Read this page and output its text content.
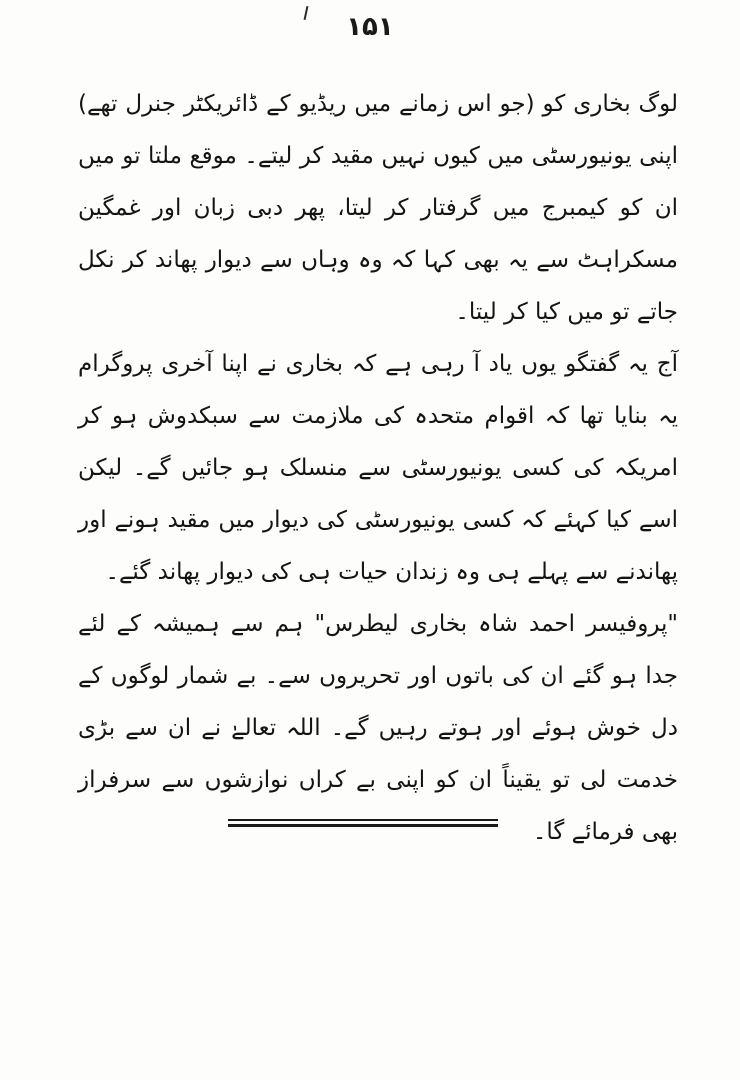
۱۵۱

لوگ بخاری کو (جو اس زمانے میں ریڈیو کے ڈائریکٹر جنرل تھے) اپنی یونیورسٹی میں کیوں نہیں مقید کر لیتے۔ موقع ملتا تو میں ان کو کیمبرج میں گرفتار کر لیتا، پھر دبی زبان اور غمگین مسکراہٹ سے یہ بھی کہا کہ وہ وہاں سے دیوار پھاند کر نکل جاتے تو میں کیا کر لیتا۔

آج یہ گفتگو یوں یاد آ رہی ہے کہ بخاری نے اپنا آخری پروگرام یہ بنایا تھا کہ اقوام متحدہ کی ملازمت سے سبکدوش ہو کر امریکہ کی کسی یونیورسٹی سے منسلک ہو جائیں گے۔ لیکن اسے کیا کہئے کہ کسی یونیورسٹی کی دیوار میں مقید ہونے اور پھاندنے سے پہلے ہی وہ زندان حیات ہی کی دیوار پھاند گئے۔

"پروفیسر احمد شاہ بخاری لیطرس" ہم سے ہمیشہ کے لئے جدا ہو گئے ان کی باتوں اور تحریروں سے۔ بے شمار لوگوں کے دل خوش ہوئے اور ہوتے رہیں گے۔ اللہ تعالےٰ نے ان سے بڑی خدمت لی تو یقیناً ان کو اپنی بے کراں نوازشوں سے سرفراز بھی فرمائے گا۔
